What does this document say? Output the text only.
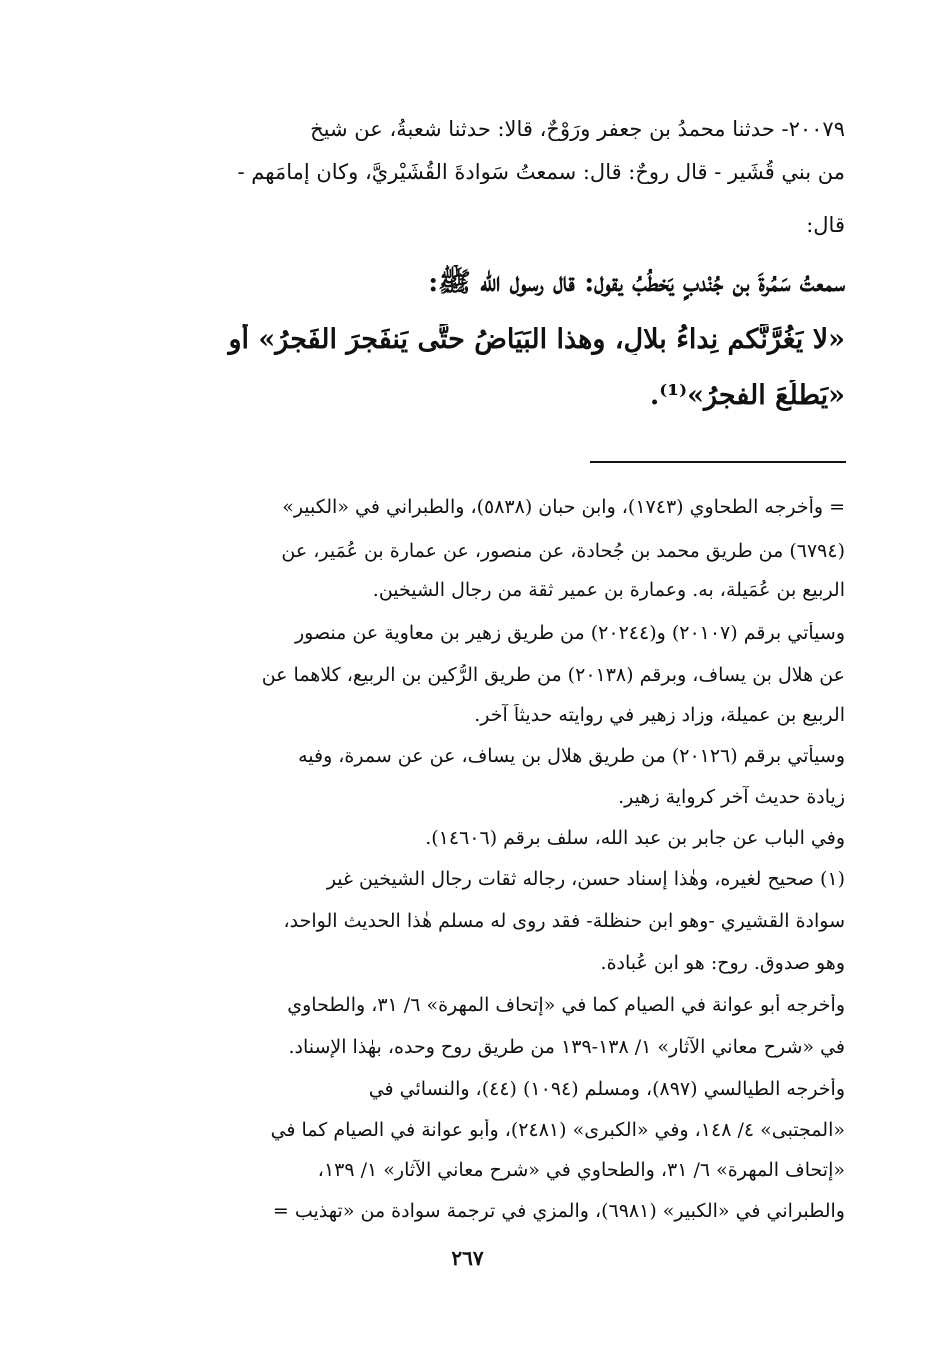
٢٠٠٧٩- حدثنا محمدُ بن جعفرٍ ورَوْحٌ، قالا: حدثنا شعبةُ، عن شيخٍ

من بني قُشَير - قال روحٌ: قال: سمعتُ سَوادةَ القُشَيْرِيَّ، وكان إمامَهم -

قال:

سمعتُ سَمُرةَ بن جُنْدبٍ يَخطُبُ يقول: قال رسول الله ﷺ:

«لا يَغُرَّنَّكم نِداءُ بلالٍ، وهذا البَيَاضُ حتَّى يَنفَجرَ الفَجرُ» أو

«يَطلُعَ الفجرُ»⁽¹⁾.

= وأخرجه الطحاوي (١٧٤٣)، وابن حبان (٥٨٣٨)، والطبراني في «الكبير»

(٦٧٩٤) من طريق محمد بن جُحادة، عن منصور، عن عمارة بن عُمَير، عن

الربيع بن عُمَيلة، به. وعمارة بن عمير ثقة من رجال الشيخين.

وسيأتي برقم (٢٠١٠٧) و(٢٠٢٤٤) من طريق زهير بن معاوية عن منصور

عن هلال بن يساف، وبرقم (٢٠١٣٨) من طريق الرُّكين بن الربيع، كلاهما عن

الربيع بن عميلة، وزاد زهير في روايته حديثاً آخر.

وسيأتي برقم (٢٠١٢٦) من طريق هلال بن يساف، عن عن سمرة، وفيه

زيادة حديث آخر كرواية زهير.

وفي الباب عن جابر بن عبد الله، سلف برقم (١٤٦٠٦).

(١) صحيح لغيره، وهٰذا إسناد حسن، رجاله ثقات رجال الشيخين غير

سوادة القشيري -وهو ابن حنظلة- فقد روى له مسلم هٰذا الحديث الواحد،

وهو صدوق. روح: هو ابن عُبادة.

وأخرجه أبو عوانة في الصيام كما في «إتحاف المهرة» ٦/ ٣١، والطحاوي

في «شرح معاني الآثار» ١/ ١٣٨-١٣٩ من طريق روح وحده، بهٰذا الإسناد.

وأخرجه الطيالسي (٨٩٧)، ومسلم (١٠٩٤) (٤٤)، والنسائي في

«المجتبى» ٤/ ١٤٨، وفي «الكبرى» (٢٤٨١)، وأبو عوانة في الصيام كما في

«إتحاف المهرة» ٦/ ٣١، والطحاوي في «شرح معاني الآثار» ١/ ١٣٩،

والطبراني في «الكبير» (٦٩٨١)، والمزي في ترجمة سوادة من «تهذيب =

٢٦٧
